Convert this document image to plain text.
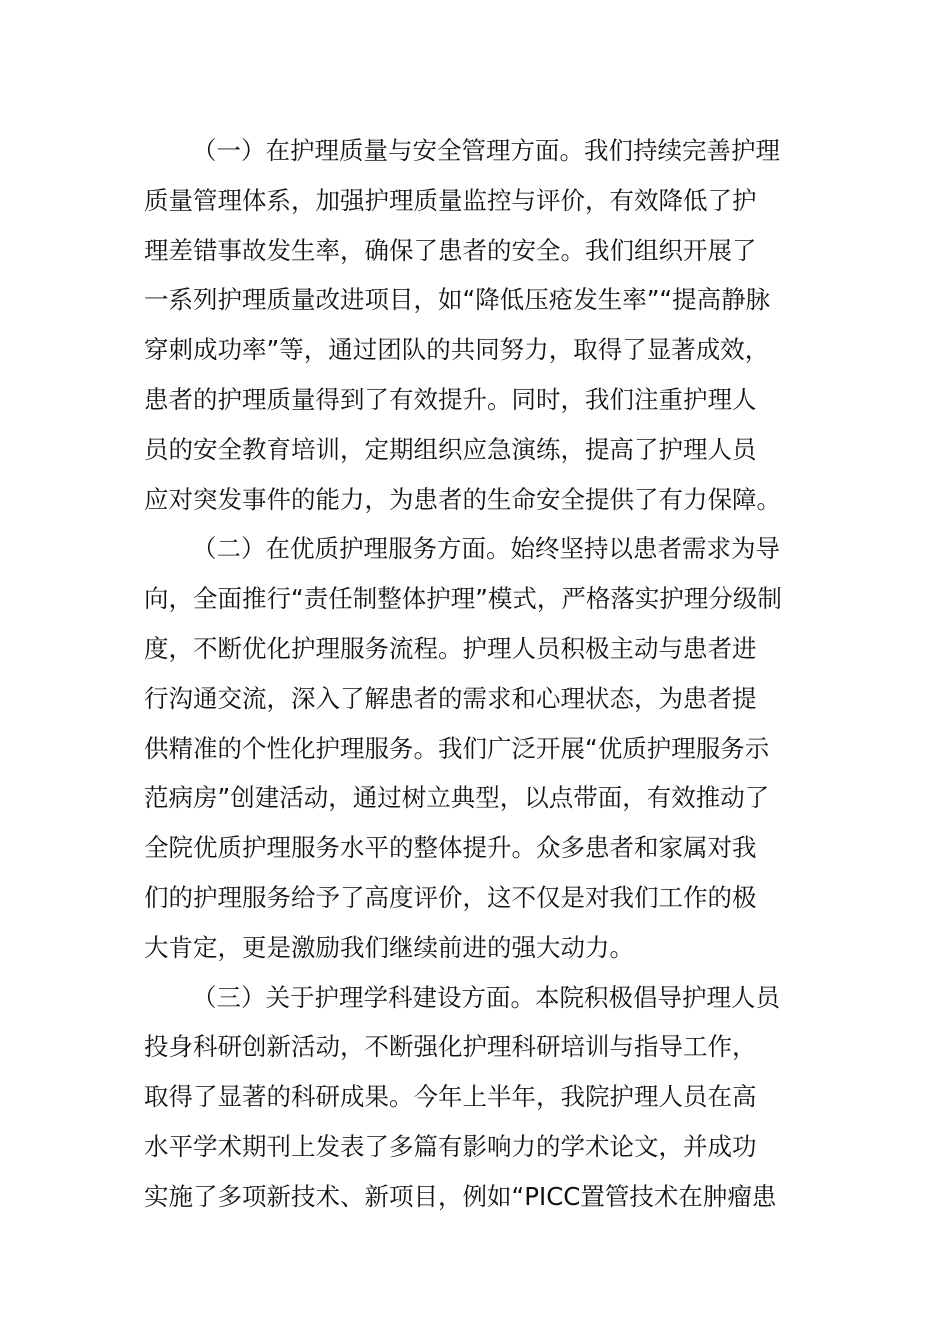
（一）在护理质量与安全管理方面。我们持续完善护理
质量管理体系，加强护理质量监控与评价，有效降低了护
理差错事故发生率，确保了患者的安全。我们组织开展了
一系列护理质量改进项目，如“降低压疮发生率”“提高静脉
穿刺成功率”等，通过团队的共同努力，取得了显著成效，
患者的护理质量得到了有效提升。同时，我们注重护理人
员的安全教育培训，定期组织应急演练，提高了护理人员
应对突发事件的能力，为患者的生命安全提供了有力保障。
（二）在优质护理服务方面。始终坚持以患者需求为导
向，全面推行“责任制整体护理”模式，严格落实护理分级制
度，不断优化护理服务流程。护理人员积极主动与患者进
行沟通交流，深入了解患者的需求和心理状态，为患者提
供精准的个性化护理服务。我们广泛开展“优质护理服务示
范病房”创建活动，通过树立典型，以点带面，有效推动了
全院优质护理服务水平的整体提升。众多患者和家属对我
们的护理服务给予了高度评价，这不仅是对我们工作的极
大肯定，更是激励我们继续前进的强大动力。
（三）关于护理学科建设方面。本院积极倡导护理人员
投身科研创新活动，不断强化护理科研培训与指导工作，
取得了显著的科研成果。今年上半年，我院护理人员在高
水平学术期刊上发表了多篇有影响力的学术论文，并成功
实施了多项新技术、新项目，例如“PICC置管技术在肿瘤患
